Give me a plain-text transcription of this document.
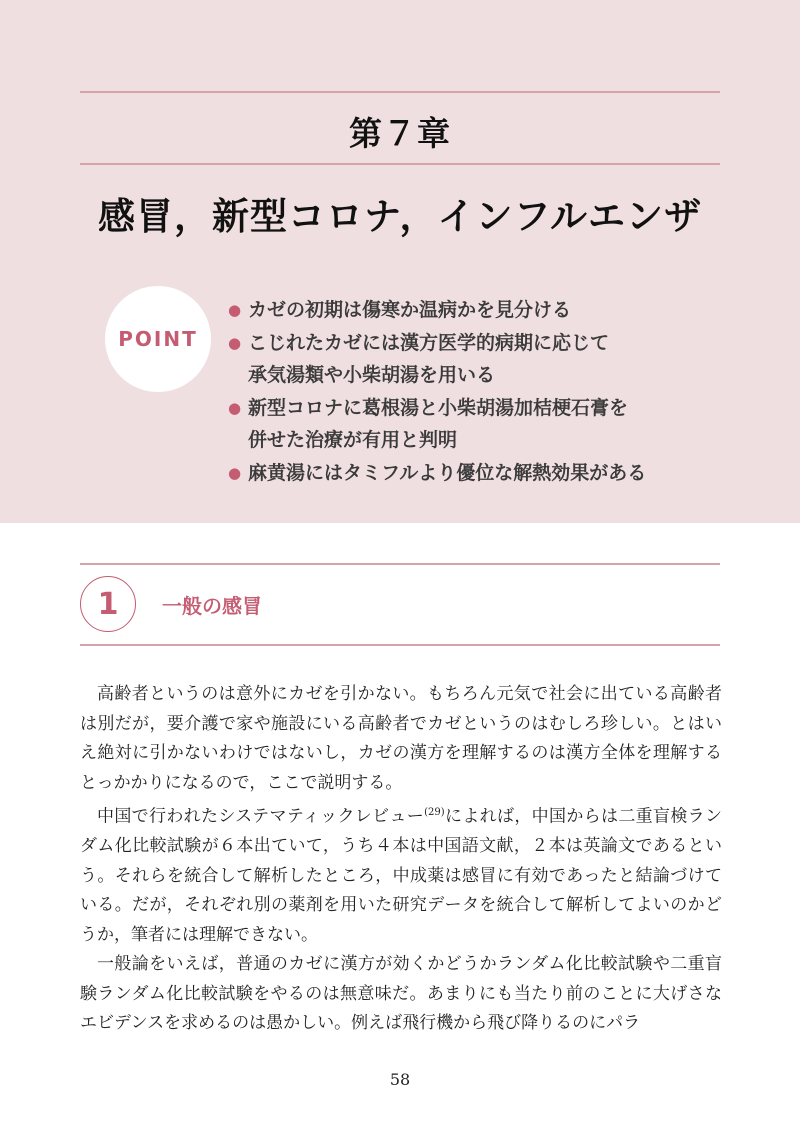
第７章
感冒，新型コロナ，インフルエンザ
POINT
● カゼの初期は傷寒か温病かを見分ける
● こじれたカゼには漢方医学的病期に応じて
承気湯類や小柴胡湯を用いる
● 新型コロナに葛根湯と小柴胡湯加桔梗石膏を
併せた治療が有用と判明
● 麻黄湯にはタミフルより優位な解熱効果がある
1 一般の感冒

高齢者というのは意外にカゼを引かない。もちろん元気で社会に出ている高齢者は別だが，要介護で家や施設にいる高齢者でカゼというのはむしろ珍しい。とはいえ絶対に引かないわけではないし，カゼの漢方を理解するのは漢方全体を理解するとっかかりになるので，ここで説明する。

中国で行われたシステマティックレビュー$^{(29)}$によれば，中国からは二重盲検ランダム化比較試験が６本出ていて，うち４本は中国語文献，２本は英論文であるという。それらを統合して解析したところ，中成薬は感冒に有効であったと結論づけている。だが，それぞれ別の薬剤を用いた研究データを統合して解析してよいのかどうか，筆者には理解できない。

一般論をいえば，普通のカゼに漢方が効くかどうかランダム化比較試験や二重盲験ランダム化比較試験をやるのは無意味だ。あまりにも当たり前のことに大げさなエビデンスを求めるのは愚かしい。例えば飛行機から飛び降りるのにパラ

58
